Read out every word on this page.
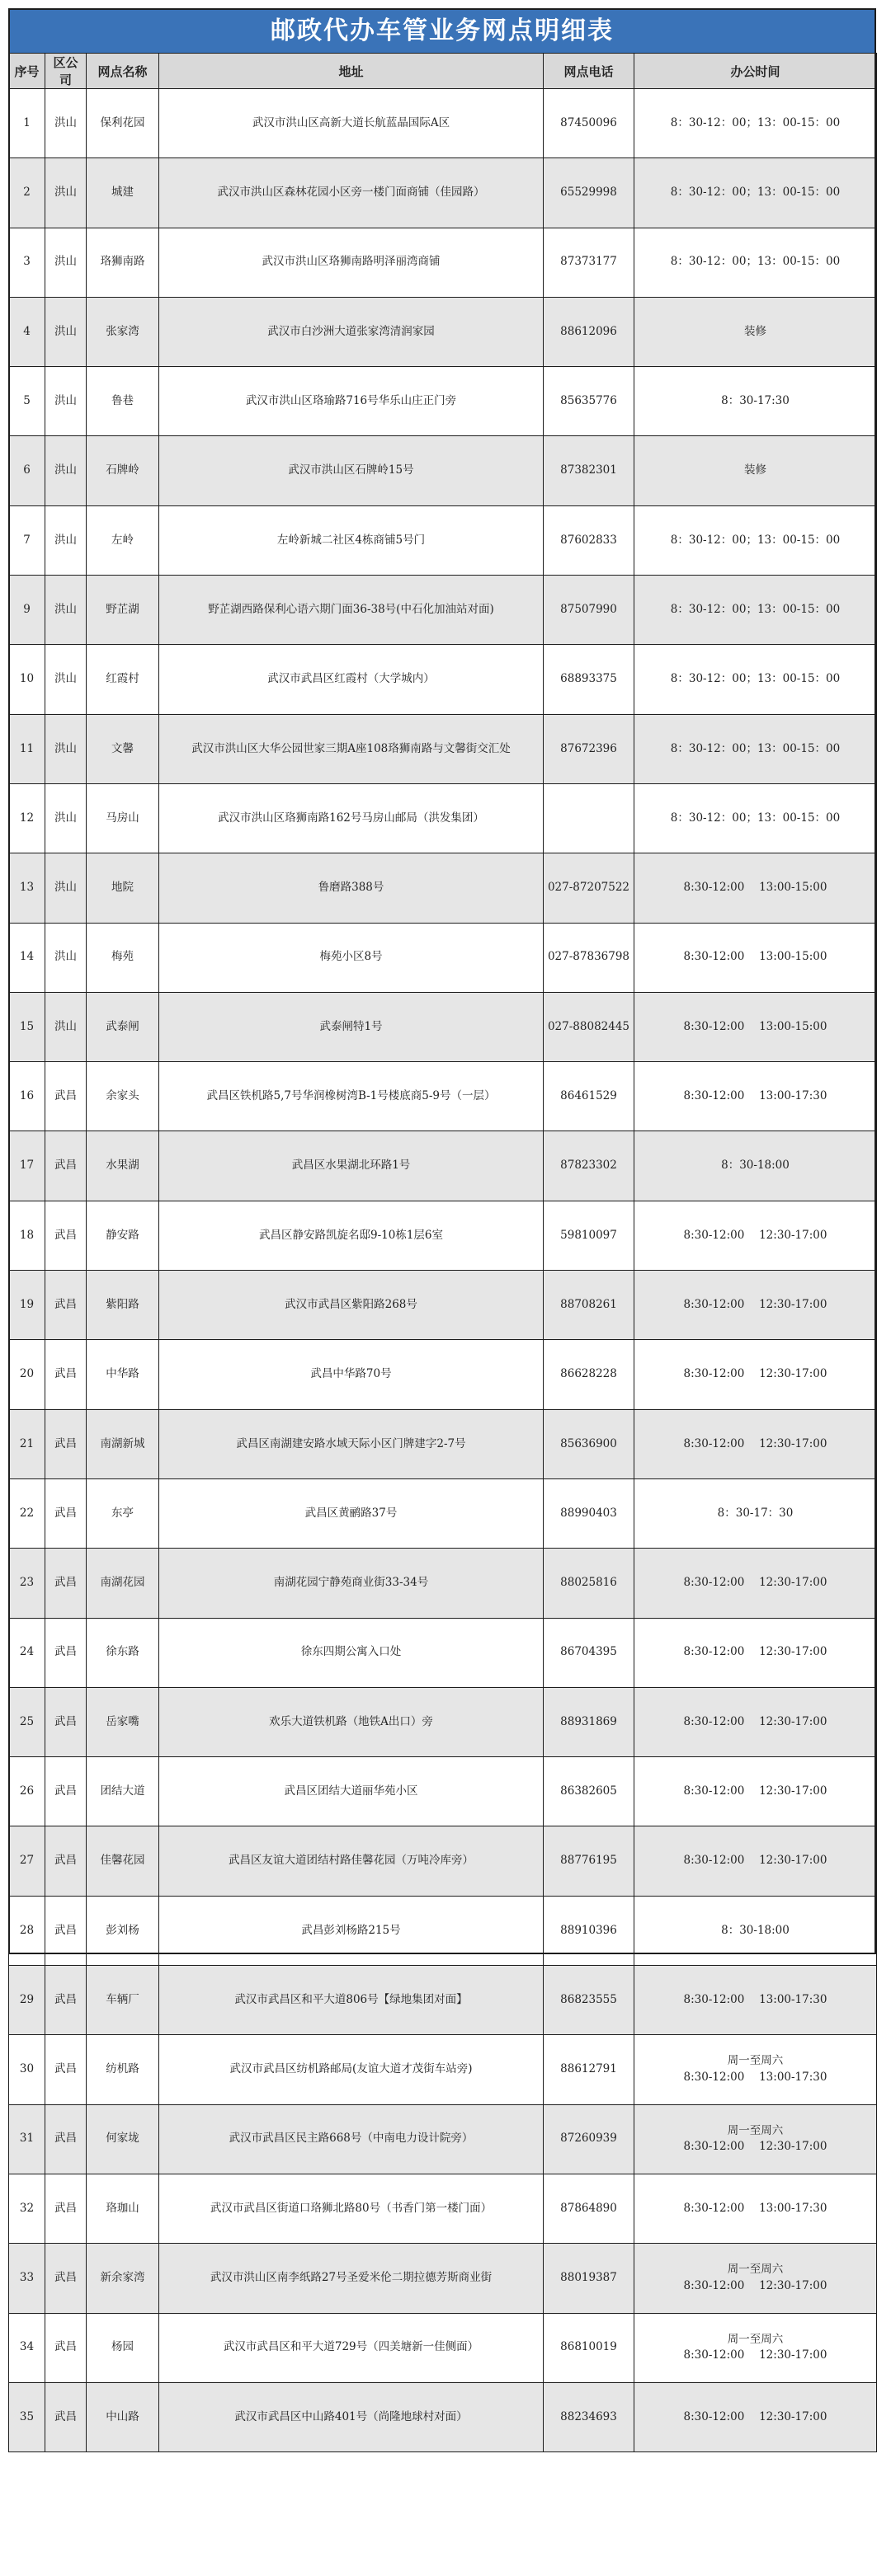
邮政代办车管业务网点明细表
序号	区公司	网点名称	地址	网点电话	办公时间
1	洪山	保利花园	武汉市洪山区高新大道长航蓝晶国际A区	87450096	8：30-12：00；13：00-15：00
2	洪山	城建	武汉市洪山区森林花园小区旁一楼门面商铺（佳园路）	65529998	8：30-12：00；13：00-15：00
3	洪山	珞狮南路	武汉市洪山区珞狮南路明泽丽湾商铺	87373177	8：30-12：00；13：00-15：00
4	洪山	张家湾	武汉市白沙洲大道张家湾清润家园	88612096	装修
5	洪山	鲁巷	武汉市洪山区珞瑜路716号华乐山庄正门旁	85635776	8：30-17:30
6	洪山	石牌岭	武汉市洪山区石牌岭15号	87382301	装修
7	洪山	左岭	左岭新城二社区4栋商铺5号门	87602833	8：30-12：00；13：00-15：00
9	洪山	野芷湖	野芷湖西路保利心语六期门面36-38号(中石化加油站对面)	87507990	8：30-12：00；13：00-15：00
10	洪山	红霞村	武汉市武昌区红霞村（大学城内）	68893375	8：30-12：00；13：00-15：00
11	洪山	文馨	武汉市洪山区大华公园世家三期A座108珞狮南路与文馨街交汇处	87672396	8：30-12：00；13：00-15：00
12	洪山	马房山	武汉市洪山区珞狮南路162号马房山邮局（洪发集团）		8：30-12：00；13：00-15：00
13	洪山	地院	鲁磨路388号	027-87207522	8:30-12:00　 13:00-15:00
14	洪山	梅苑	梅苑小区8号	027-87836798	8:30-12:00　 13:00-15:00
15	洪山	武泰闸	武泰闸特1号	027-88082445	8:30-12:00　 13:00-15:00
16	武昌	余家头	武昌区铁机路5,7号华润橡树湾B-1号楼底商5-9号（一层）	86461529	8:30-12:00　 13:00-17:30
17	武昌	水果湖	武昌区水果湖北环路1号	87823302	8：30-18:00
18	武昌	静安路	武昌区静安路凯旋名邸9-10栋1层6室	59810097	8:30-12:00　 12:30-17:00
19	武昌	紫阳路	武汉市武昌区紫阳路268号	88708261	8:30-12:00　 12:30-17:00
20	武昌	中华路	武昌中华路70号	86628228	8:30-12:00　 12:30-17:00
21	武昌	南湖新城	武昌区南湖建安路水域天际小区门牌建字2-7号	85636900	8:30-12:00　 12:30-17:00
22	武昌	东亭	武昌区黄鹂路37号	88990403	8：30-17：30
23	武昌	南湖花园	南湖花园宁静苑商业街33-34号	88025816	8:30-12:00　 12:30-17:00
24	武昌	徐东路	徐东四期公寓入口处	86704395	8:30-12:00　 12:30-17:00
25	武昌	岳家嘴	欢乐大道铁机路（地铁A出口）旁	88931869	8:30-12:00　 12:30-17:00
26	武昌	团结大道	武昌区团结大道丽华苑小区	86382605	8:30-12:00　 12:30-17:00
27	武昌	佳馨花园	武昌区友谊大道团结村路佳馨花园（万吨冷库旁）	88776195	8:30-12:00　 12:30-17:00
28	武昌	彭刘杨	武昌彭刘杨路215号	88910396	8：30-18:00
29	武昌	车辆厂	武汉市武昌区和平大道806号【绿地集团对面】	86823555	8:30-12:00　 13:00-17:30
30	武昌	纺机路	武汉市武昌区纺机路邮局(友谊大道才茂街车站旁)	88612791	周一至周六
8:30-12:00　 13:00-17:30
31	武昌	何家垅	武汉市武昌区民主路668号（中南电力设计院旁）	87260939	周一至周六
8:30-12:00　 12:30-17:00
32	武昌	珞珈山	武汉市武昌区街道口珞狮北路80号（书香门第一楼门面）	87864890	8:30-12:00　 13:00-17:30
33	武昌	新余家湾	武汉市洪山区南李纸路27号圣爱米伦二期拉德芳斯商业街	88019387	周一至周六
8:30-12:00　 12:30-17:00
34	武昌	杨园	武汉市武昌区和平大道729号（四美塘新一佳侧面）	86810019	周一至周六
8:30-12:00　 12:30-17:00
35	武昌	中山路	武汉市武昌区中山路401号（尚隆地球村对面）	88234693	8:30-12:00　 12:30-17:00
